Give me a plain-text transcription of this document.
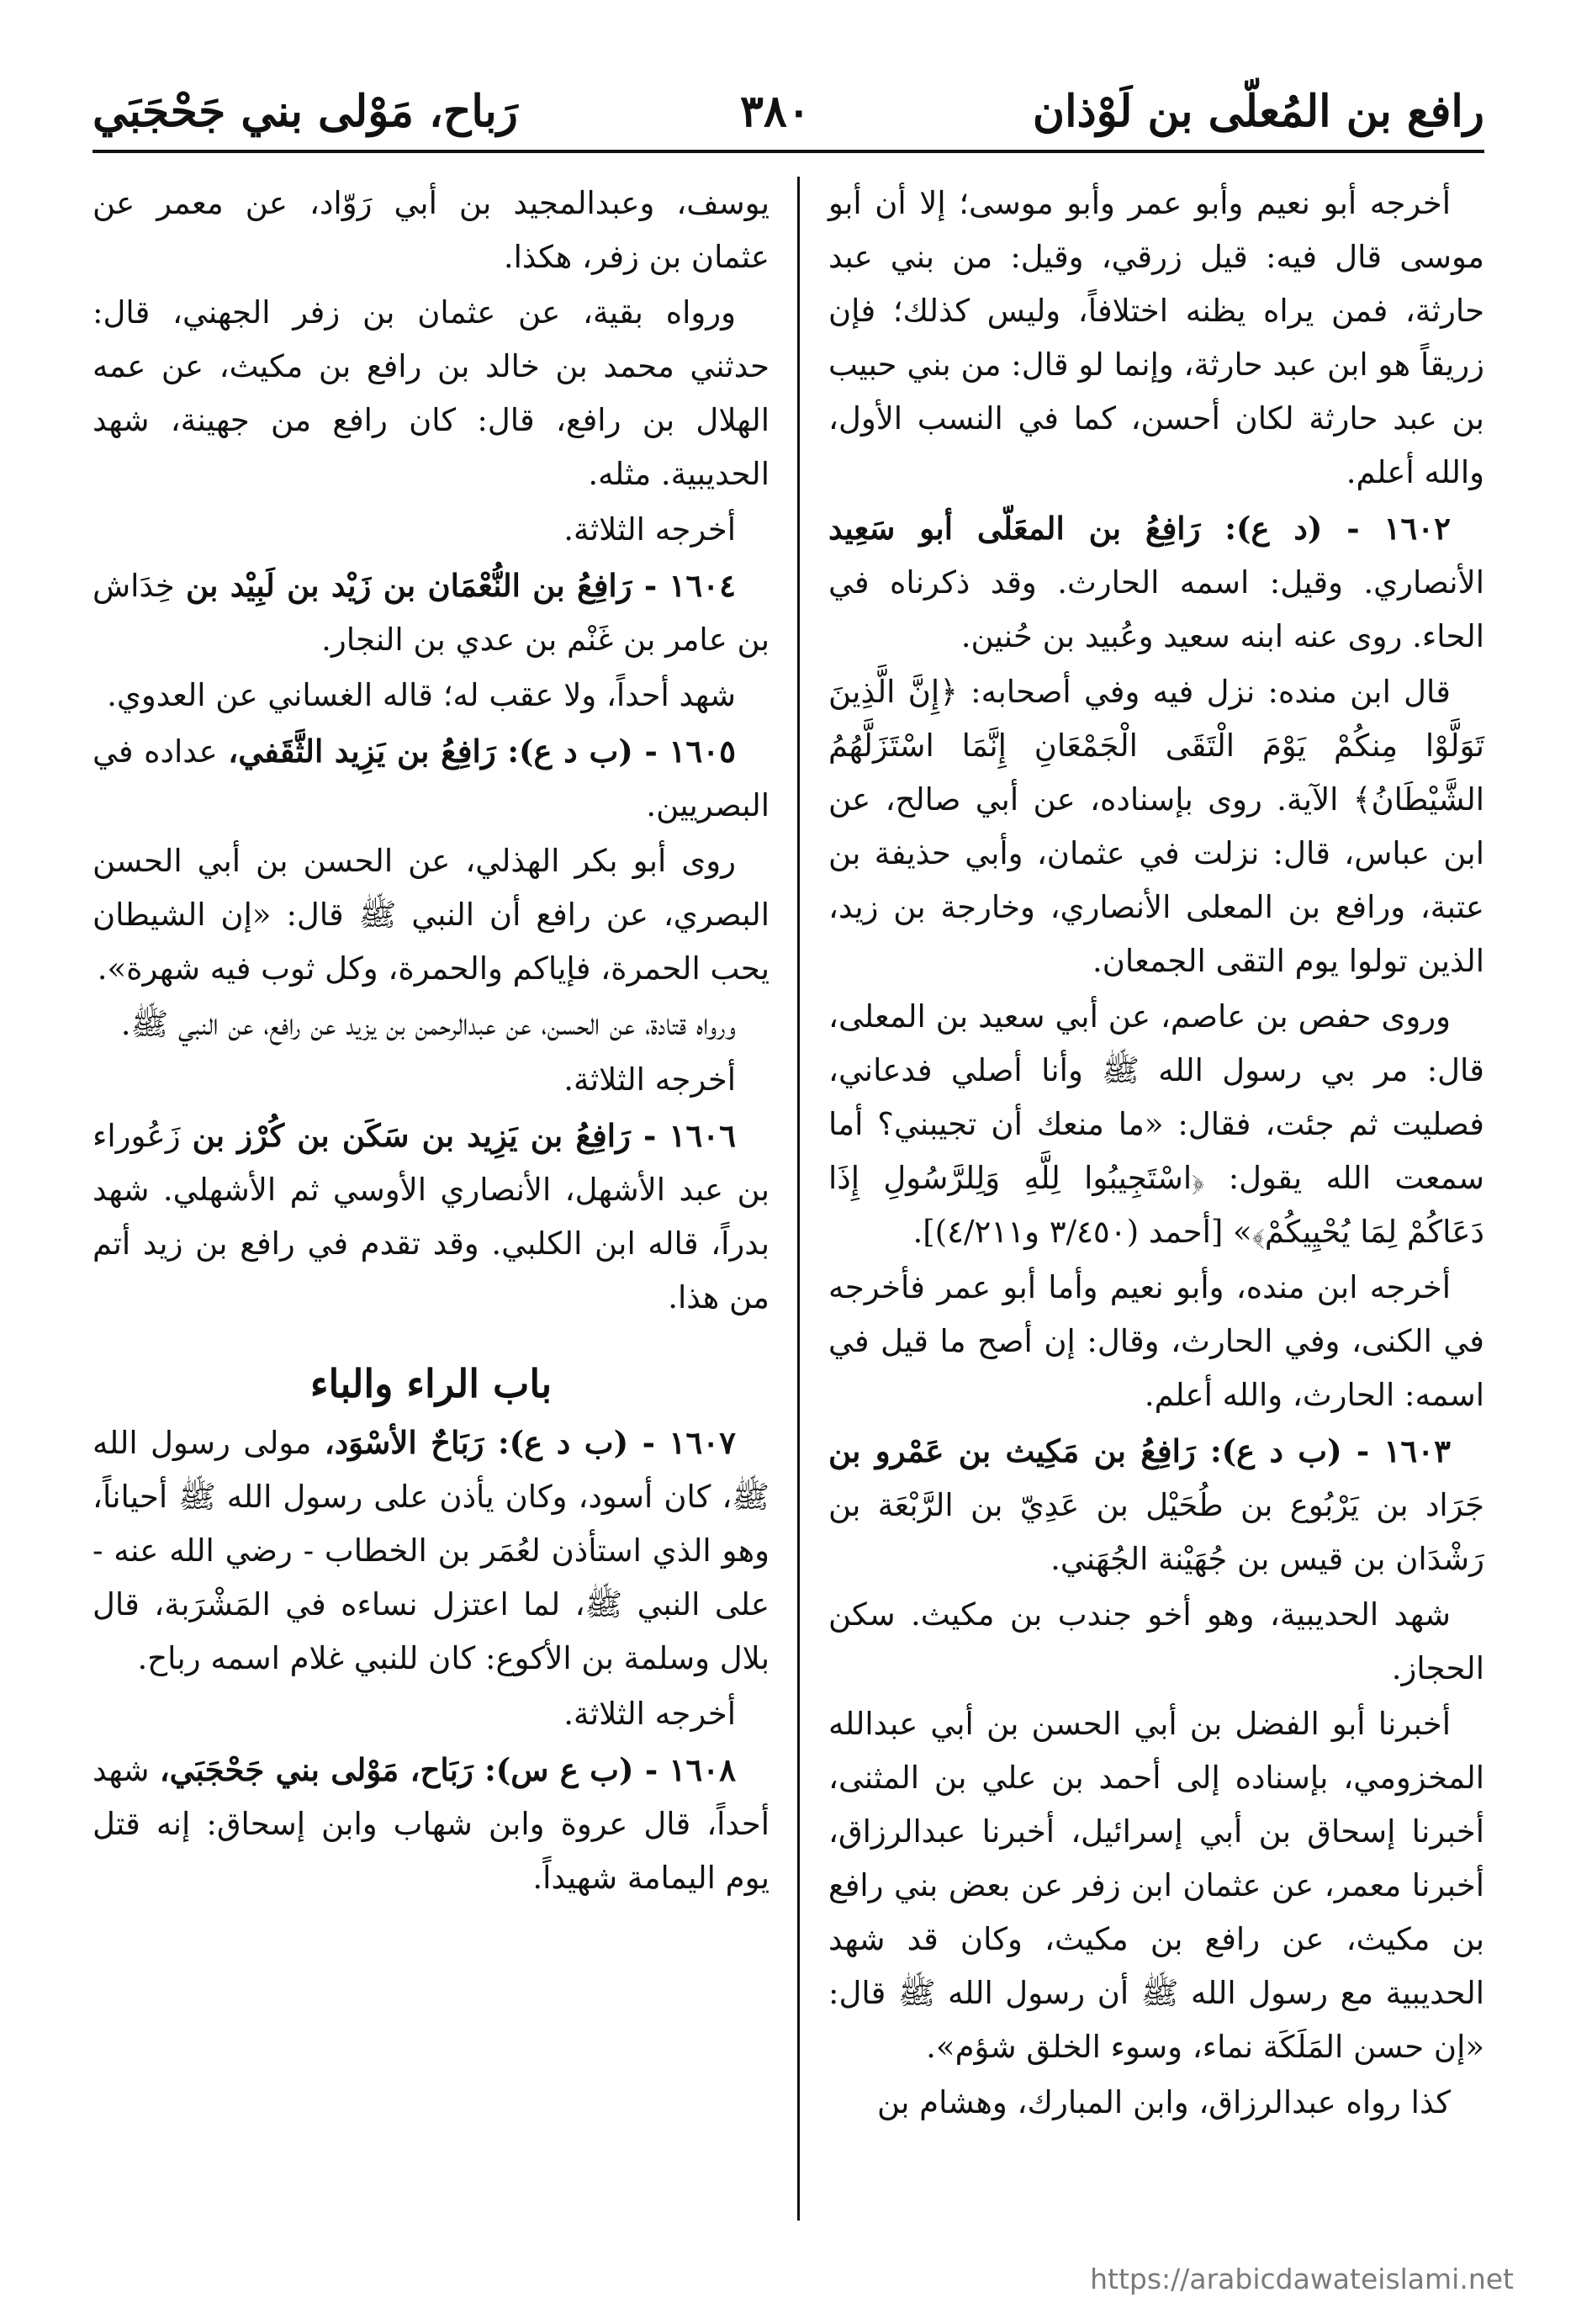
رافع بن المُعلّى بن لَوْذان
٣٨٠
رَباح، مَوْلى بني جَحْجَبَي

أخرجه أبو نعيم وأبو عمر وأبو موسى؛ إلا أن أبو موسى قال فيه: قيل زرقي، وقيل: من بني عبد حارثة، فمن يراه يظنه اختلافاً، وليس كذلك؛ فإن زريقاً هو ابن عبد حارثة، وإنما لو قال: من بني حبيب بن عبد حارثة لكان أحسن، كما في النسب الأول، والله أعلم.

١٦٠٢ - (د ع): رَافِعُ بن المعَلّى أبو سَعِيد الأنصاري. وقيل: اسمه الحارث. وقد ذكرناه في الحاء. روى عنه ابنه سعيد وعُبيد بن حُنين.

قال ابن منده: نزل فيه وفي أصحابه: ﴿إِنَّ الَّذِينَ تَوَلَّوْا مِنكُمْ يَوْمَ الْتَقَى الْجَمْعَانِ إِنَّمَا اسْتَزَلَّهُمُ الشَّيْطَانُ﴾ الآية. روى بإسناده، عن أبي صالح، عن ابن عباس، قال: نزلت في عثمان، وأبي حذيفة بن عتبة، ورافع بن المعلى الأنصاري، وخارجة بن زيد، الذين تولوا يوم التقى الجمعان.

وروى حفص بن عاصم، عن أبي سعيد بن المعلى، قال: مر بي رسول الله ﷺ وأنا أصلي فدعاني، فصليت ثم جئت، فقال: «ما منعك أن تجيبني؟ أما سمعت الله يقول: ﴿اسْتَجِيبُوا لِلَّهِ وَلِلرَّسُولِ إِذَا دَعَاكُمْ لِمَا يُحْيِيكُمْ﴾» [أحمد (٣/٤٥٠ و٤/٢١١)].

أخرجه ابن منده، وأبو نعيم وأما أبو عمر فأخرجه في الكنى، وفي الحارث، وقال: إن أصح ما قيل في اسمه: الحارث، والله أعلم.

١٦٠٣ - (ب د ع): رَافِعُ بن مَكِيث بن عَمْرو بن جَرَاد بن يَرْبُوع بن طُحَيْل بن عَدِيّ بن الرَّبْعَة بن رَشْدَان بن قيس بن جُهَيْنة الجُهَني.

شهد الحديبية، وهو أخو جندب بن مكيث. سكن الحجاز.

أخبرنا أبو الفضل بن أبي الحسن بن أبي عبدالله المخزومي، بإسناده إلى أحمد بن علي بن المثنى، أخبرنا إسحاق بن أبي إسرائيل، أخبرنا عبدالرزاق، أخبرنا معمر، عن عثمان ابن زفر عن بعض بني رافع بن مكيث، عن رافع بن مكيث، وكان قد شهد الحديبية مع رسول الله ﷺ أن رسول الله ﷺ قال: «إن حسن المَلَكَة نماء، وسوء الخلق شؤم».

كذا رواه عبدالرزاق، وابن المبارك، وهشام بن

يوسف، وعبدالمجيد بن أبي رَوّاد، عن معمر عن عثمان بن زفر، هكذا.

ورواه بقية، عن عثمان بن زفر الجهني، قال: حدثني محمد بن خالد بن رافع بن مكيث، عن عمه الهلال بن رافع، قال: كان رافع من جهينة، شهد الحديبية. مثله.

أخرجه الثلاثة.

١٦٠٤ - رَافِعُ بن النُّعْمَان بن زَيْد بن لَبِيْد بن خِدَاش بن عامر بن غَنْم بن عدي بن النجار.

شهد أحداً، ولا عقب له؛ قاله الغساني عن العدوي.

١٦٠٥ - (ب د ع): رَافِعُ بن يَزِيد الثَّقَفي، عداده في البصريين.

روى أبو بكر الهذلي، عن الحسن بن أبي الحسن البصري، عن رافع أن النبي ﷺ قال: «إن الشيطان يحب الحمرة، فإياكم والحمرة، وكل ثوب فيه شهرة».

ورواه قتادة، عن الحسن، عن عبدالرحمن بن يزيد عن رافع، عن النبي ﷺ.

أخرجه الثلاثة.

١٦٠٦ - رَافِعُ بن يَزِيد بن سَكَن بن كُرْز بن زَعُوراء بن عبد الأشهل، الأنصاري الأوسي ثم الأشهلي. شهد بدراً، قاله ابن الكلبي. وقد تقدم في رافع بن زيد أتم من هذا.

باب الراء والباء

١٦٠٧ - (ب د ع): رَبَاحٌ الأسْوَد، مولى رسول الله ﷺ، كان أسود، وكان يأذن على رسول الله ﷺ أحياناً، وهو الذي استأذن لعُمَر بن الخطاب - رضي الله عنه - على النبي ﷺ، لما اعتزل نساءه في المَشْرَبة، قال بلال وسلمة بن الأكوع: كان للنبي غلام اسمه رباح.

أخرجه الثلاثة.

١٦٠٨ - (ب ع س): رَبَاح، مَوْلى بني جَحْجَبَي، شهد أحداً، قال عروة وابن شهاب وابن إسحاق: إنه قتل يوم اليمامة شهيداً.

https://arabicdawateislami.net
